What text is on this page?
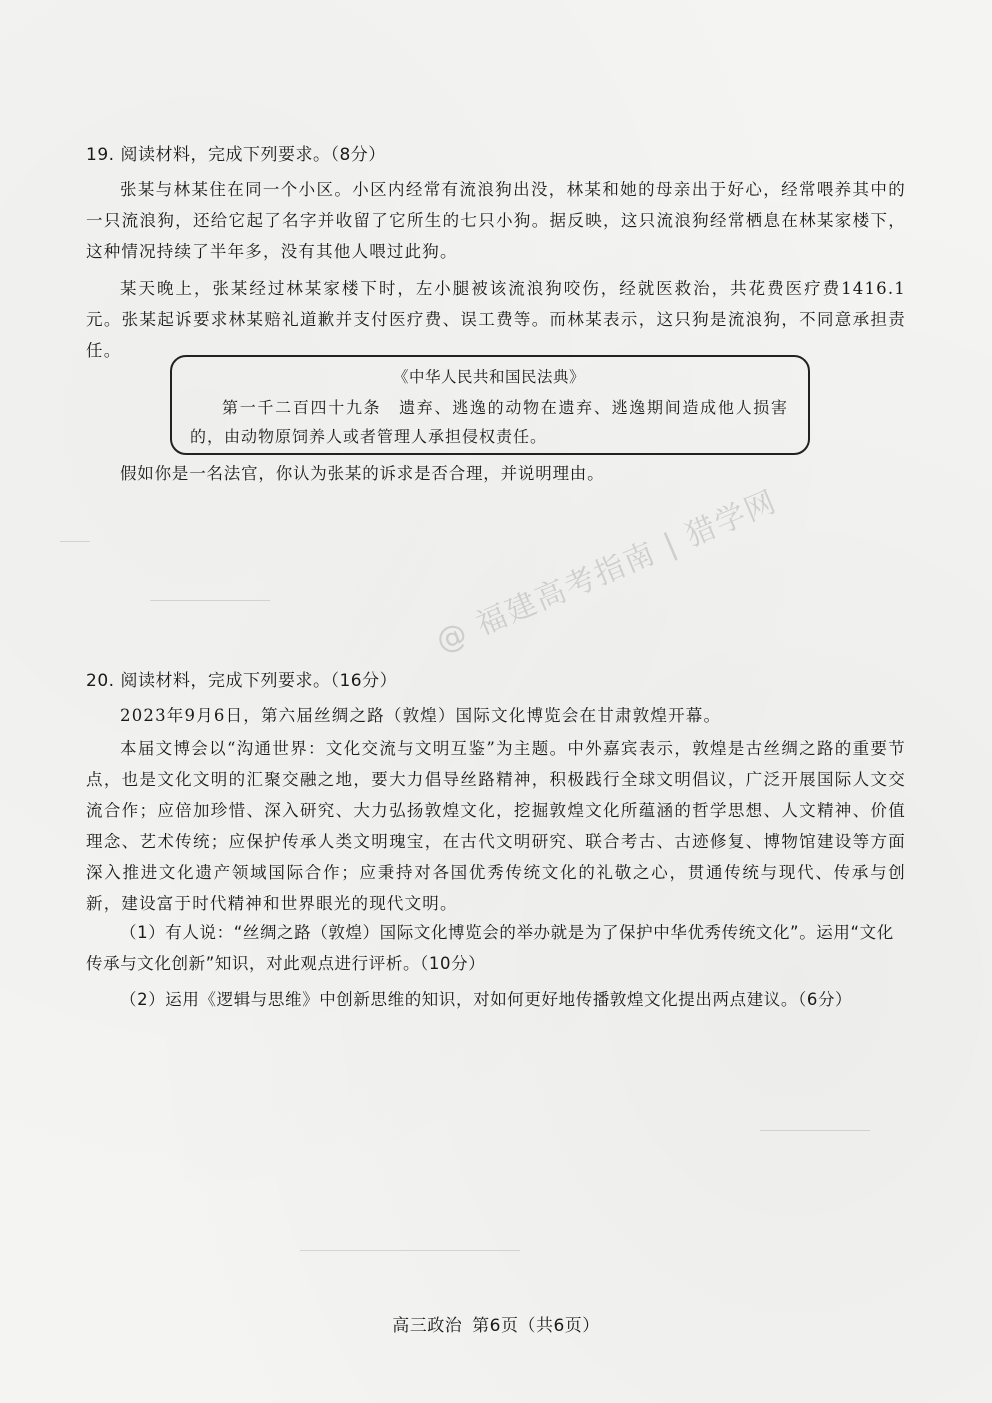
19. 阅读材料，完成下列要求。（8分）

张某与林某住在同一个小区。小区内经常有流浪狗出没，林某和她的母亲出于好心，经常喂养其中的一只流浪狗，还给它起了名字并收留了它所生的七只小狗。据反映，这只流浪狗经常栖息在林某家楼下，这种情况持续了半年多，没有其他人喂过此狗。

某天晚上，张某经过林某家楼下时，左小腿被该流浪狗咬伤，经就医救治，共花费医疗费1416.1元。张某起诉要求林某赔礼道歉并支付医疗费、误工费等。而林某表示，这只狗是流浪狗，不同意承担责任。

《中华人民共和国民法典》

第一千二百四十九条　遗弃、逃逸的动物在遗弃、逃逸期间造成他人损害的，由动物原饲养人或者管理人承担侵权责任。

假如你是一名法官，你认为张某的诉求是否合理，并说明理由。

20. 阅读材料，完成下列要求。（16分）

2023年9月6日，第六届丝绸之路（敦煌）国际文化博览会在甘肃敦煌开幕。

本届文博会以“沟通世界：文化交流与文明互鉴”为主题。中外嘉宾表示，敦煌是古丝绸之路的重要节点，也是文化文明的汇聚交融之地，要大力倡导丝路精神，积极践行全球文明倡议，广泛开展国际人文交流合作；应倍加珍惜、深入研究、大力弘扬敦煌文化，挖掘敦煌文化所蕴涵的哲学思想、人文精神、价值理念、艺术传统；应保护传承人类文明瑰宝，在古代文明研究、联合考古、古迹修复、博物馆建设等方面深入推进文化遗产领域国际合作；应秉持对各国优秀传统文化的礼敬之心，贯通传统与现代、传承与创新，建设富于时代精神和世界眼光的现代文明。

（1）有人说：“丝绸之路（敦煌）国际文化博览会的举办就是为了保护中华优秀传统文化”。运用“文化传承与文化创新”知识，对此观点进行评析。（10分）

（2）运用《逻辑与思维》中创新思维的知识，对如何更好地传播敦煌文化提出两点建议。（6分）

@ 福建高考指南 | 猎学网
高三政治 第6页（共6页）
